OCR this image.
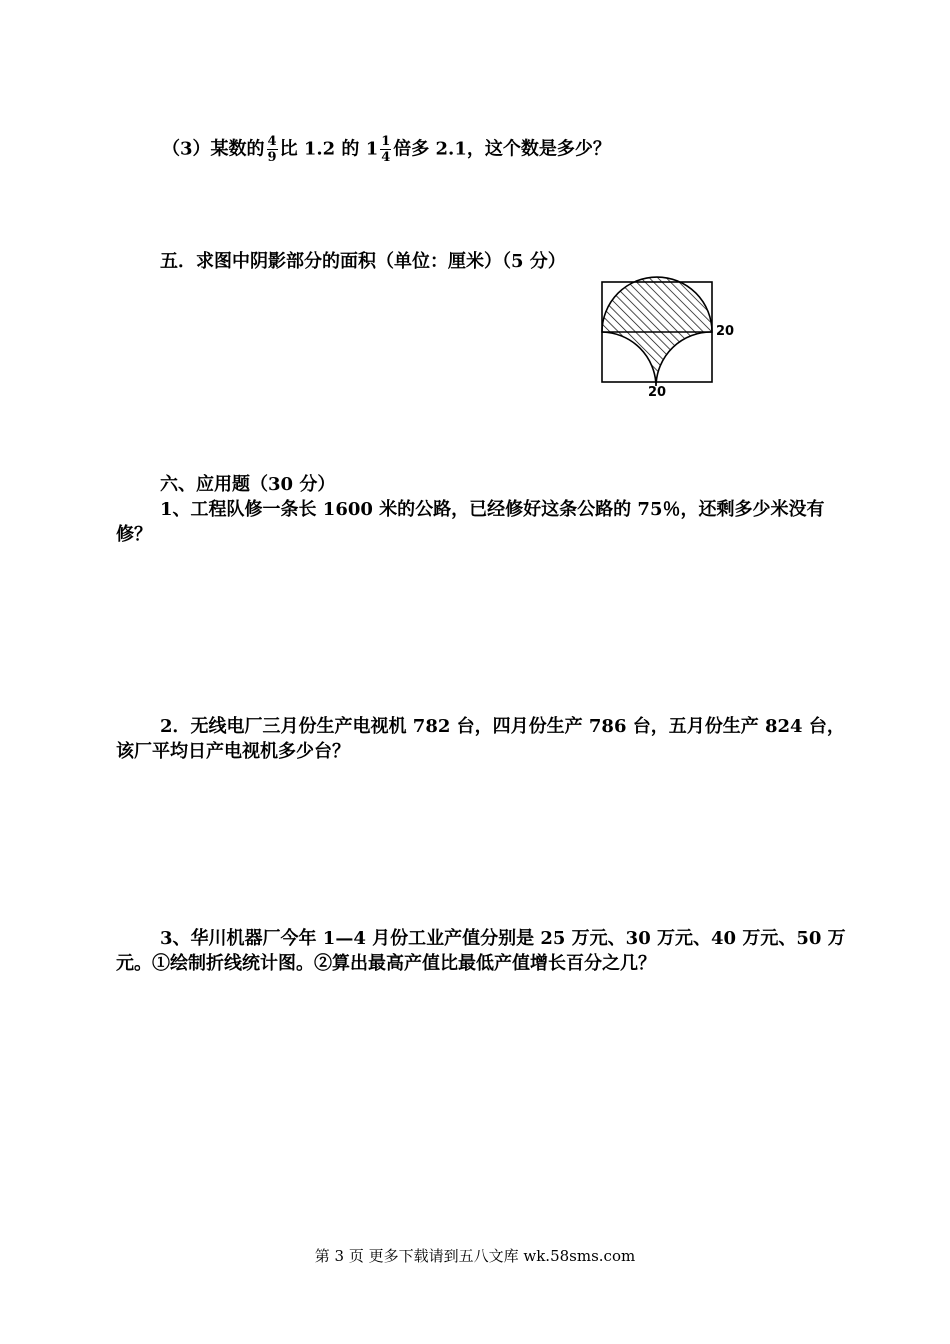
（3）某数的 $\frac{4}{9}$ 比 1.2 的 $1 \frac{1}{4}$ 倍多 2.1，这个数是多少？
五．求图中阴影部分的面积（单位：厘米）（5 分）
20
20
六、应用题（30 分）
1、工程队修一条长 1600 米的公路，已经修好这条公路的 75％，还剩多少米没有
修？
2．无线电厂三月份生产电视机 782 台，四月份生产 786 台，五月份生产 824 台，
该厂平均日产电视机多少台？
3、华川机器厂今年 1—4 月份工业产值分别是 25 万元、30 万元、40 万元、50 万
元。①绘制折线统计图。②算出最高产值比最低产值增长百分之几？
第 3 页 更多下载请到五八文库 wk.58sms.com
